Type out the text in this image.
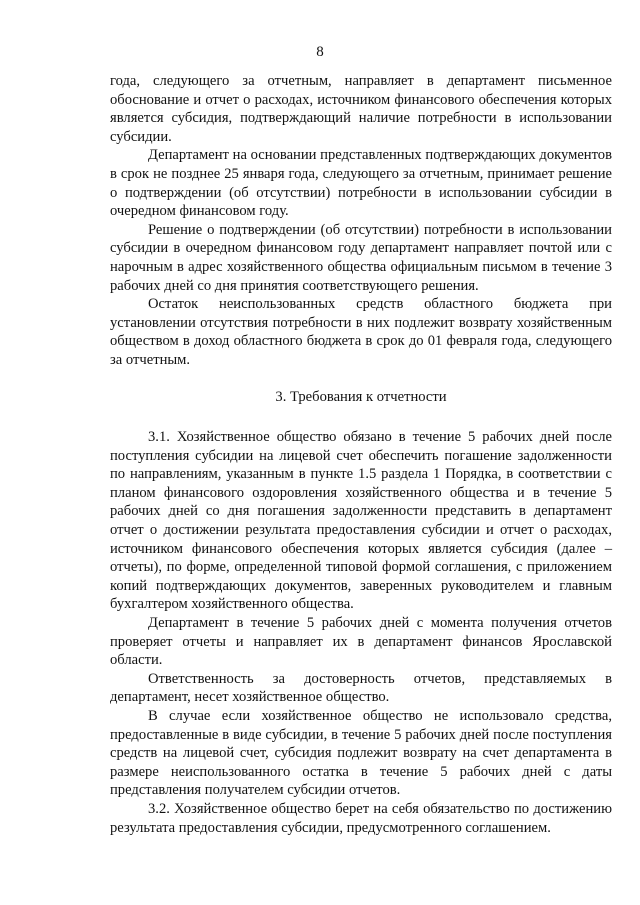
8

года, следующего за отчетным, направляет в департамент письменное обоснование и отчет о расходах, источником финансового обеспечения которых является субсидия, подтверждающий наличие потребности в использовании субсидии.

Департамент на основании представленных подтверждающих документов в срок не позднее 25 января года, следующего за отчетным, принимает решение о подтверждении (об отсутствии) потребности в использовании субсидии в очередном финансовом году.

Решение о подтверждении (об отсутствии) потребности в использовании субсидии в очередном финансовом году департамент направляет почтой или с нарочным в адрес хозяйственного общества официальным письмом в течение 3 рабочих дней со дня принятия соответствующего решения.

Остаток неиспользованных средств областного бюджета при установлении отсутствия потребности в них подлежит возврату хозяйственным обществом в доход областного бюджета в срок до 01 февраля года, следующего за отчетным.

3. Требования к отчетности

3.1. Хозяйственное общество обязано в течение 5 рабочих дней после поступления субсидии на лицевой счет обеспечить погашение задолженности по направлениям, указанным в пункте 1.5 раздела 1 Порядка, в соответствии с планом финансового оздоровления хозяйственного общества и в течение 5 рабочих дней со дня погашения задолженности представить в департамент отчет о достижении результата предоставления субсидии и отчет о расходах, источником финансового обеспечения которых является субсидия (далее – отчеты), по форме, определенной типовой формой соглашения, с приложением копий подтверждающих документов, заверенных руководителем и главным бухгалтером хозяйственного общества.

Департамент в течение 5 рабочих дней с момента получения отчетов проверяет отчеты и направляет их в департамент финансов Ярославской области.

Ответственность за достоверность отчетов, представляемых в департамент, несет хозяйственное общество.

В случае если хозяйственное общество не использовало средства, предоставленные в виде субсидии, в течение 5 рабочих дней после поступления средств на лицевой счет, субсидия подлежит возврату на счет департамента в размере неиспользованного остатка в течение 5 рабочих дней с даты представления получателем субсидии отчетов.

3.2. Хозяйственное общество берет на себя обязательство по достижению результата предоставления субсидии, предусмотренного соглашением.
